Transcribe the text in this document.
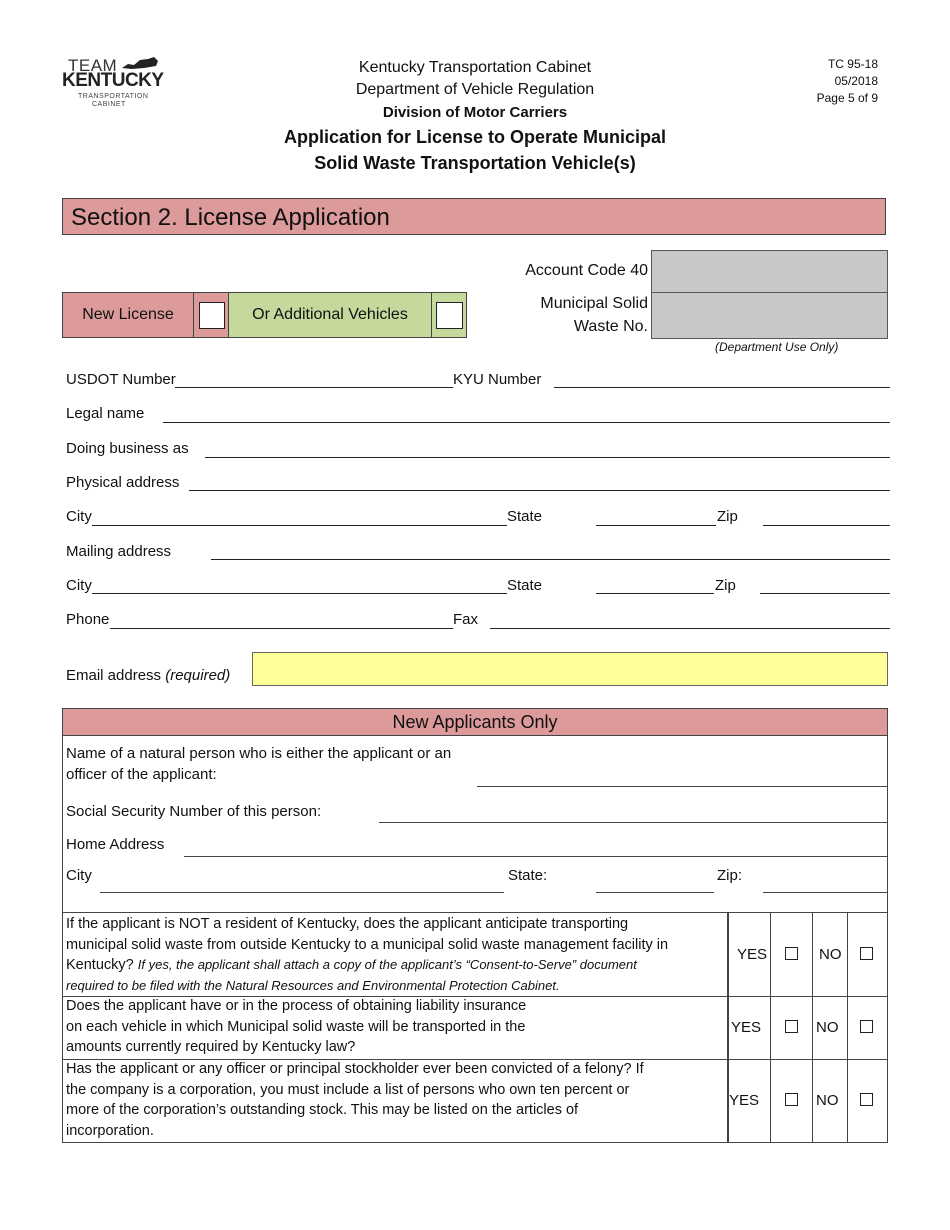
TEAM
KENTUCKY
TRANSPORTATION
CABINET
Kentucky Transportation Cabinet
Department of Vehicle Regulation
Division of Motor Carriers
Application for License to Operate Municipal
Solid Waste Transportation Vehicle(s)
TC 95-18
05/2018
Page 5 of 9
Section 2. License Application
Account Code 40
Municipal Solid
Waste No.
(Department Use Only)
New License	Or Additional Vehicles
USDOT Number	KYU Number
Legal name
Doing business as
Physical address
City	State	Zip
Mailing address
City	State	Zip
Phone	Fax
Email address (required)
New Applicants Only
Name of a natural person who is either the applicant or an
officer of the applicant:
Social Security Number of this person:
Home Address
City	State:	Zip:
If the applicant is NOT a resident of Kentucky, does the applicant anticipate transporting
municipal solid waste from outside Kentucky to a municipal solid waste management facility in
Kentucky? If yes, the applicant shall attach a copy of the applicant’s “Consent-to-Serve” document
required to be filed with the Natural Resources and Environmental Protection Cabinet.
YES	NO
Does the applicant have or in the process of obtaining liability insurance
on each vehicle in which Municipal solid waste will be transported in the
amounts currently required by Kentucky law?
YES	NO
Has the applicant or any officer or principal stockholder ever been convicted of a felony? If
the company is a corporation, you must include a list of persons who own ten percent or
more of the corporation’s outstanding stock. This may be listed on the articles of
incorporation.
YES	NO
